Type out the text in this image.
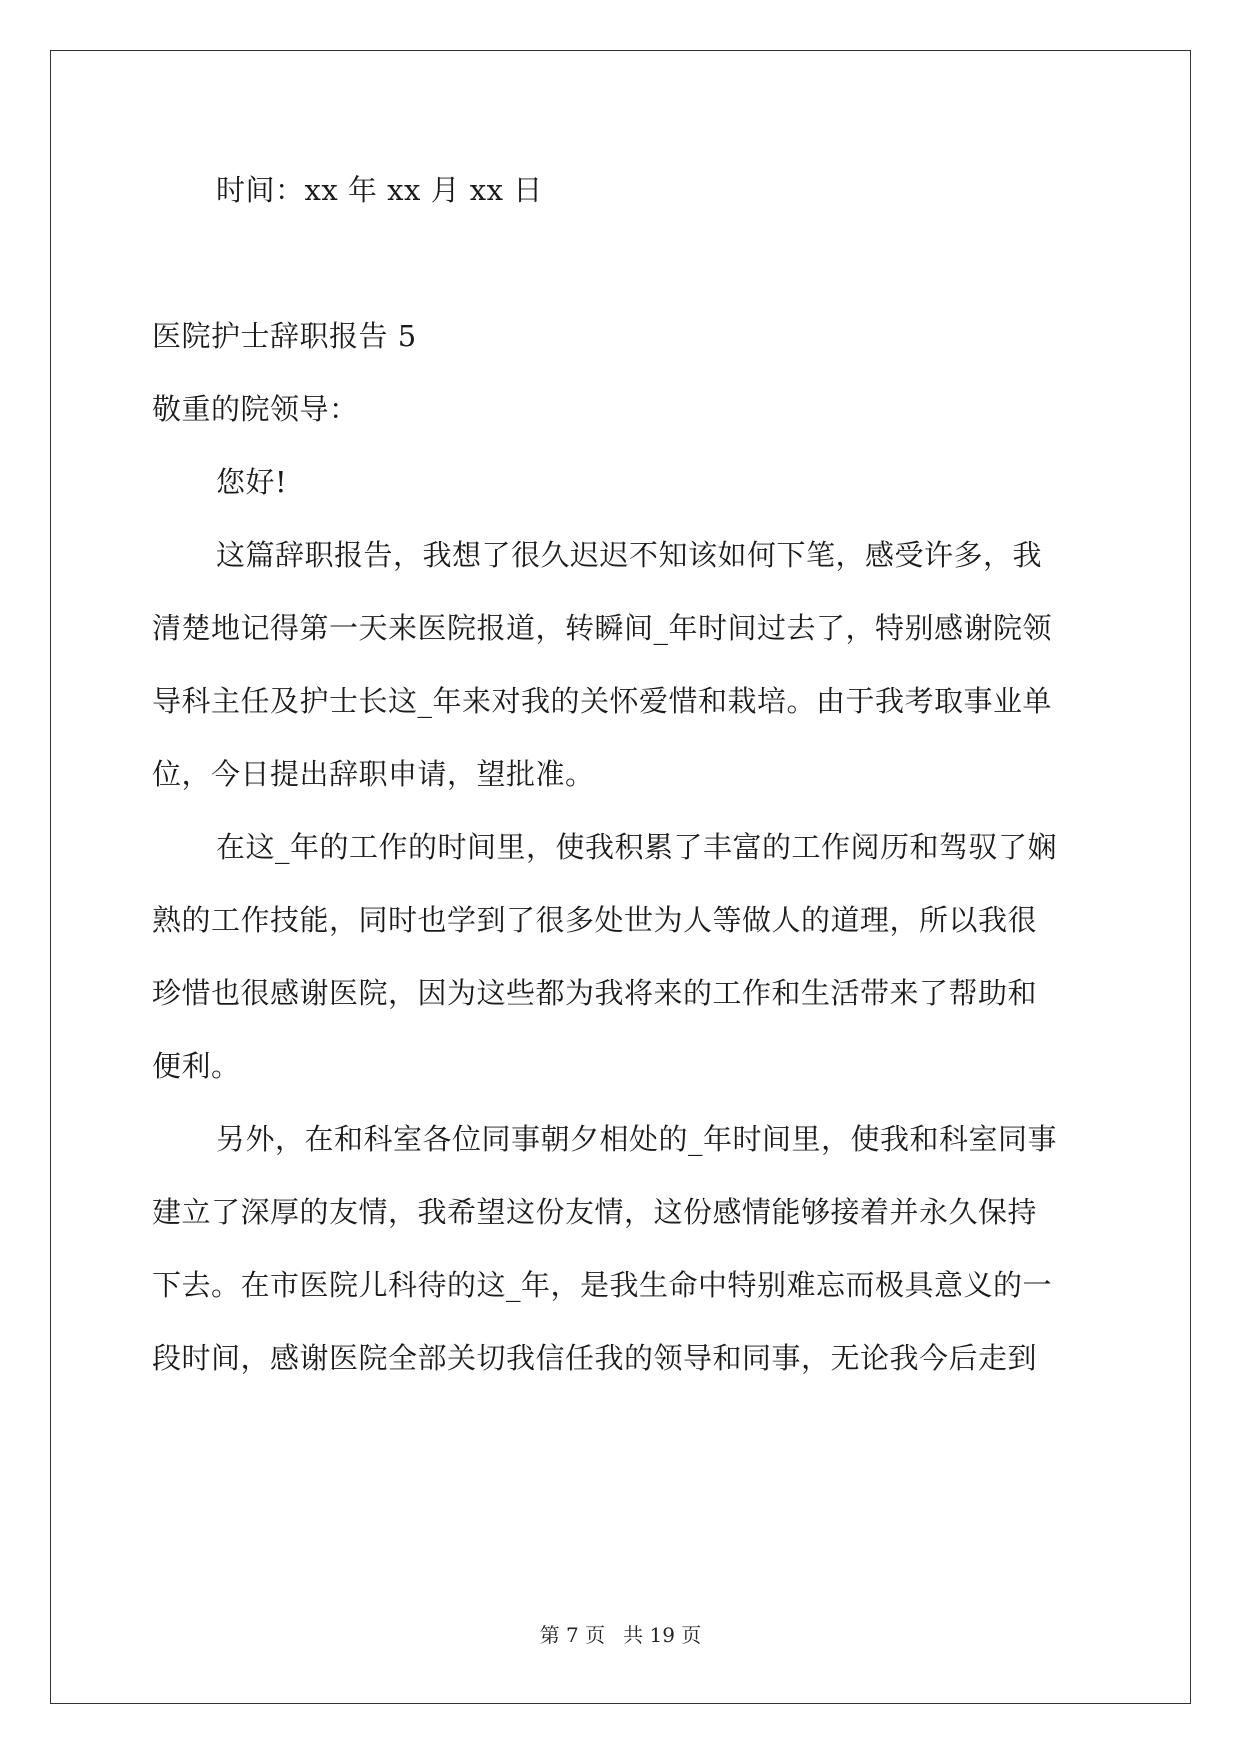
时间：xx 年 xx 月 xx 日
医院护士辞职报告 5
敬重的院领导：
您好!
这篇辞职报告，我想了很久迟迟不知该如何下笔，感受许多，我
清楚地记得第一天来医院报道，转瞬间_年时间过去了，特别感谢院领
导科主任及护士长这_年来对我的关怀爱惜和栽培。由于我考取事业单
位，今日提出辞职申请，望批准。
在这_年的工作的时间里，使我积累了丰富的工作阅历和驾驭了娴
熟的工作技能，同时也学到了很多处世为人等做人的道理，所以我很
珍惜也很感谢医院，因为这些都为我将来的工作和生活带来了帮助和
便利。
另外，在和科室各位同事朝夕相处的_年时间里，使我和科室同事
建立了深厚的友情，我希望这份友情，这份感情能够接着并永久保持
下去。在市医院儿科待的这_年，是我生命中特别难忘而极具意义的一
段时间，感谢医院全部关切我信任我的领导和同事，无论我今后走到
第 7 页 共 19 页
